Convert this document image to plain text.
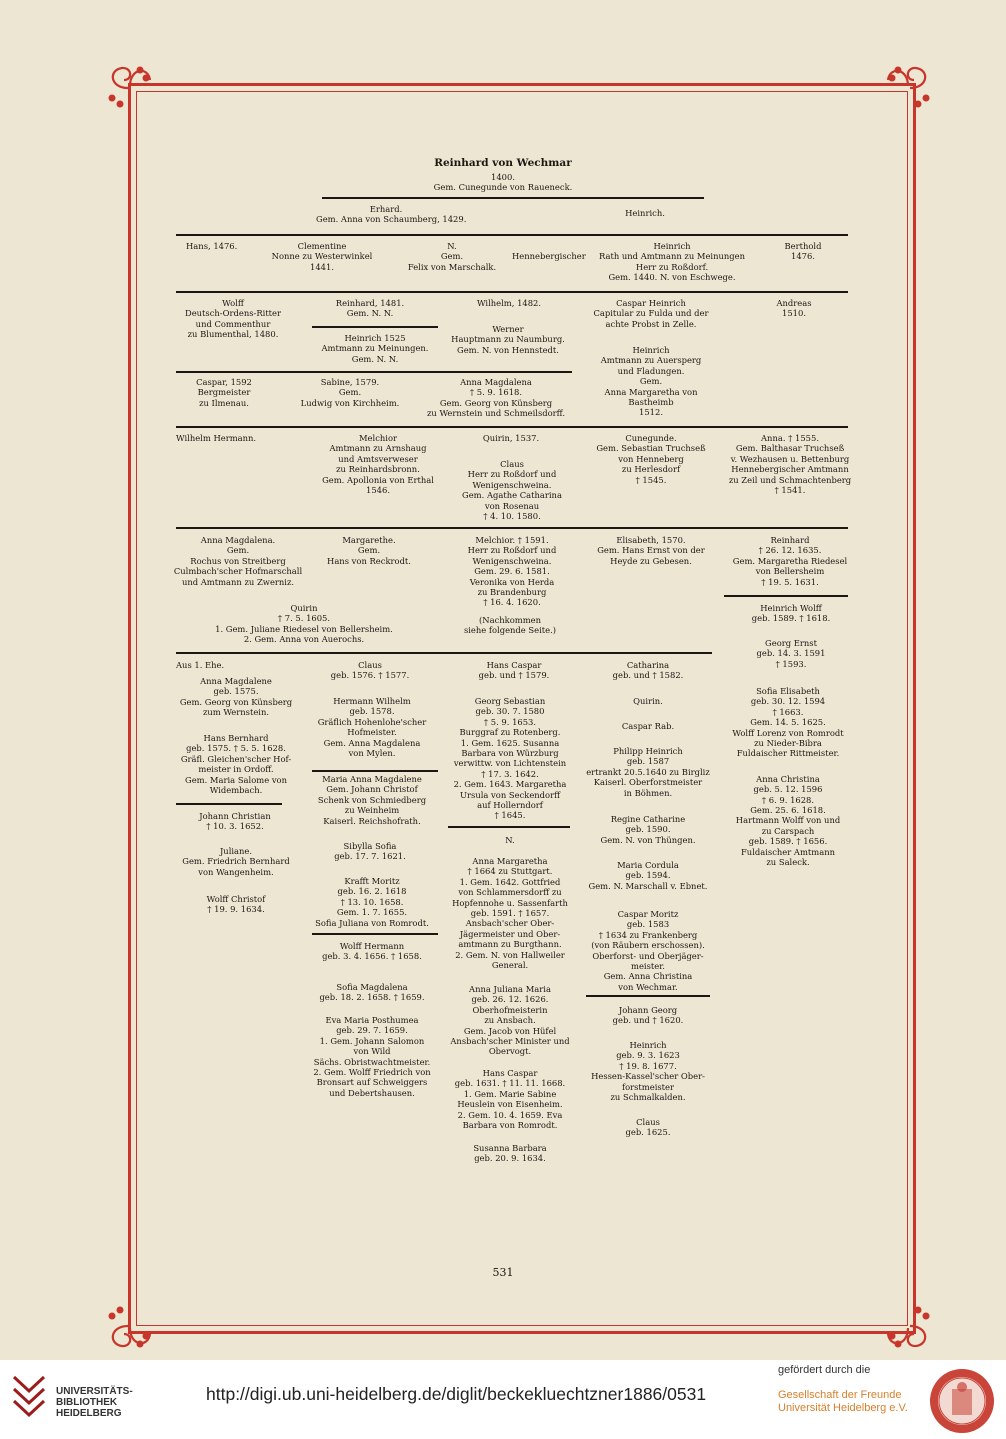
Reinhard von Wechmar
1400.
Gem. Cunegunde von Raueneck.
Erhard.
Gem. Anna von Schaumberg, 1429.
Heinrich.
Hans, 1476.	Clementine
Nonne zu Westerwinkel
1441.
N.
Gem.
Felix von Marschalk.
Hennebergischer
Heinrich
Rath und Amtmann zu Meinungen
Herr zu Roßdorf.
Gem. 1440. N. von Eschwege.
Berthold
1476.
Wolff
Deutsch-Ordens-Ritter
und Commenthur
zu Blumenthal, 1480.
Reinhard, 1481.
Gem. N. N.
Heinrich 1525
Amtmann zu Meinungen.
Gem. N. N.
Wilhelm, 1482.
Werner
Hauptmann zu Naumburg.
Gem. N. von Hennstedt.
Caspar Heinrich
Capitular zu Fulda und der
achte Probst in Zelle.
Heinrich
Amtmann zu Auersperg
und Fladungen.
Gem.
Anna Margaretha von
Bastheimb
1512.
Andreas
1510.
Caspar, 1592
Bergmeister
zu Ilmenau.
Sabine, 1579.
Gem.
Ludwig von Kirchheim.
Anna Magdalena
† 5. 9. 1618.
Gem. Georg von Künsberg
zu Wernstein und Schmeilsdorff.
Wilhelm Hermann.	Melchior
Amtmann zu Arnshaug
und Amtsverweser
zu Reinhardsbronn.
Gem. Apollonia von Erthal
1546.
Quirin, 1537.
Claus
Herr zu Roßdorf und
Wenigenschweina.
Gem. Agathe Catharina
von Rosenau
† 4. 10. 1580.
Cunegunde.
Gem. Sebastian Truchseß
von Henneberg
zu Herlesdorf
† 1545.
Anna. † 1555.
Gem. Balthasar Truchseß
v. Wezhausen u. Bettenburg
Hennebergischer Amtmann
zu Zeil und Schmachtenberg
† 1541.
Anna Magdalena.
Gem.
Rochus von Streitberg
Culmbach'scher Hofmarschall
und Amtmann zu Zwerniz.
Margarethe.
Gem.
Hans von Reckrodt.
Melchior. † 1591.
Herr zu Roßdorf und
Wenigenschweina.
Gem. 29. 6. 1581.
Veronika von Herda
zu Brandenburg
† 16. 4. 1620.
Elisabeth, 1570.
Gem. Hans Ernst von der
Heyde zu Gebesen.
Reinhard
† 26. 12. 1635.
Gem. Margaretha Riedesel
von Bellersheim
† 19. 5. 1631.
Quirin
† 7. 5. 1605.
1. Gem. Juliane Riedesel von Bellersheim.
2. Gem. Anna von Auerochs.
(Nachkommen
siehe folgende Seite.)
Heinrich Wolff
geb. 1589. † 1618.
Georg Ernst
geb. 14. 3. 1591
† 1593.
Aus 1. Ehe.
Anna Magdalene
geb. 1575.
Gem. Georg von Künsberg
zum Wernstein.
Hans Bernhard
geb. 1575. † 5. 5. 1628.
Gräfl. Gleichen'scher Hof-
meister in Ordoff.
Gem. Maria Salome von
Widembach.
Johann Christian
† 10. 3. 1652.
Juliane.
Gem. Friedrich Bernhard
von Wangenheim.
Wolff Christof
† 19. 9. 1634.
Claus
geb. 1576. † 1577.
Hermann Wilhelm
geb. 1578.
Gräflich Hohenlohe'scher
Hofmeister.
Gem. Anna Magdalena
von Mylen.
Maria Anna Magdalene
Gem. Johann Christof
Schenk von Schmiedberg
zu Weinheim
Kaiserl. Reichshofrath.
Sibylla Sofia
geb. 17. 7. 1621.
Krafft Moritz
geb. 16. 2. 1618
† 13. 10. 1658.
Gem. 1. 7. 1655.
Sofia Juliana von Romrodt.
Wolff Hermann
geb. 3. 4. 1656. † 1658.
Sofia Magdalena
geb. 18. 2. 1658. † 1659.
Eva Maria Posthumea
geb. 29. 7. 1659.
1. Gem. Johann Salomon
von Wild
Sächs. Obristwachtmeister.
2. Gem. Wolff Friedrich von
Bronsart auf Schweiggers
und Debertshausen.
Hans Caspar
geb. und † 1579.
Georg Sebastian
geb. 30. 7. 1580
† 5. 9. 1653.
Burggraf zu Rotenberg.
1. Gem. 1625. Susanna
Barbara von Würzburg
verwittw. von Lichtenstein
† 17. 3. 1642.
2. Gem. 1643. Margaretha
Ursula von Seckendorff
auf Hollerndorf
† 1645.
N.
Anna Margaretha
† 1664 zu Stuttgart.
1. Gem. 1642. Gottfried
von Schlammersdorff zu
Hopfennohe u. Sassenfarth
geb. 1591. † 1657.
Ansbach'scher Ober-
Jägermeister und Ober-
amtmann zu Burgthann.
2. Gem. N. von Hallweiler
General.
Anna Juliana Maria
geb. 26. 12. 1626.
Oberhofmeisterin
zu Ansbach.
Gem. Jacob von Hüfel
Ansbach'scher Minister und
Obervogt.
Hans Caspar
geb. 1631. † 11. 11. 1668.
1. Gem. Marie Sabine
Heuslein von Eisenheim.
2. Gem. 10. 4. 1659. Eva
Barbara von Romrodt.
Susanna Barbara
geb. 20. 9. 1634.
Catharina
geb. und † 1582.
Quirin.
Caspar Rab.
Philipp Heinrich
geb. 1587
ertrankt 20.5.1640 zu Birgliz
Kaiserl. Oberforstmeister
in Böhmen.
Regine Catharine
geb. 1590.
Gem. N. von Thüngen.
Maria Cordula
geb. 1594.
Gem. N. Marschall v. Ebnet.
Caspar Moritz
geb. 1583
† 1634 zu Frankenberg
(von Räubern erschossen).
Oberforst- und Oberjäger-
meister.
Gem. Anna Christina
von Wechmar.
Johann Georg
geb. und † 1620.
Heinrich
geb. 9. 3. 1623
† 19. 8. 1677.
Hessen-Kassel'scher Ober-
forstmeister
zu Schmalkalden.
Claus
geb. 1625.
Sofia Elisabeth
geb. 30. 12. 1594
† 1663.
Gem. 14. 5. 1625.
Wolff Lorenz von Romrodt
zu Nieder-Bibra
Fuldaischer Rittmeister.
Anna Christina
geb. 5. 12. 1596
† 6. 9. 1628.
Gem. 25. 6. 1618.
Hartmann Wolff von und
zu Carspach
geb. 1589. † 1656.
Fuldaischer Amtmann
zu Saleck.
531
UNIVERSITÄTS-
BIBLIOTHEK
HEIDELBERG
http://digi.ub.uni-heidelberg.de/diglit/beckekluechtzner1886/0531
gefördert durch die
Gesellschaft der Freunde
Universität Heidelberg e.V.
